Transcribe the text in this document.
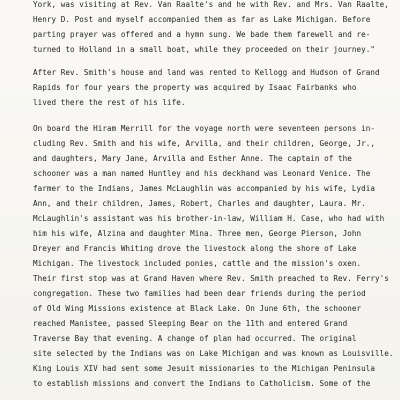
York, was visiting at Rev. Van Raalte's and he with Rev. and Mrs. Van Raalte,
Henry D. Post and myself accompanied them as far as Lake Michigan. Before
parting prayer was offered and a hymn sung. We bade them farewell and re-
turned to Holland in a small boat, while they proceeded on their journey."
After Rev. Smith's house and land was rented to Kellogg and Hudson of Grand
Rapids for four years the property was acquired by Isaac Fairbanks who
lived there the rest of his life.
On board the Hiram Merrill for the voyage north were seventeen persons in-
cluding Rev. Smith and his wife, Arvilla, and their children, George, Jr.,
and daughters, Mary Jane, Arvilla and Esther Anne. The captain of the
schooner was a man named Huntley and his deckhand was Leonard Venice. The
farmer to the Indians, James McLaughlin was accompanied by his wife, Lydia
Ann, and their children, James, Robert, Charles and daughter, Laura. Mr.
McLaughlin's assistant was his brother-in-law, William H. Case, who had with
him his wife, Alzina and daughter Mina. Three men, George Pierson, John
Dreyer and Francis Whiting drove the livestock along the shore of Lake
Michigan. The livestock included ponies, cattle and the mission's oxen.
Their first stop was at Grand Haven where Rev. Smith preached to Rev. Ferry's
congregation. These two families had been dear friends during the period
of Old Wing Missions existence at Black Lake. On June 6th, the schooner
reached Manistee, passed Sleeping Bear on the 11th and entered Grand
Traverse Bay that evening. A change of plan had occurred. The original
site selected by the Indians was on Lake Michigan and was known as Louisville.
King Louis XIV had sent some Jesuit missionaries to the Michigan Peninsula
to establish missions and convert the Indians to Catholicism. Some of the
